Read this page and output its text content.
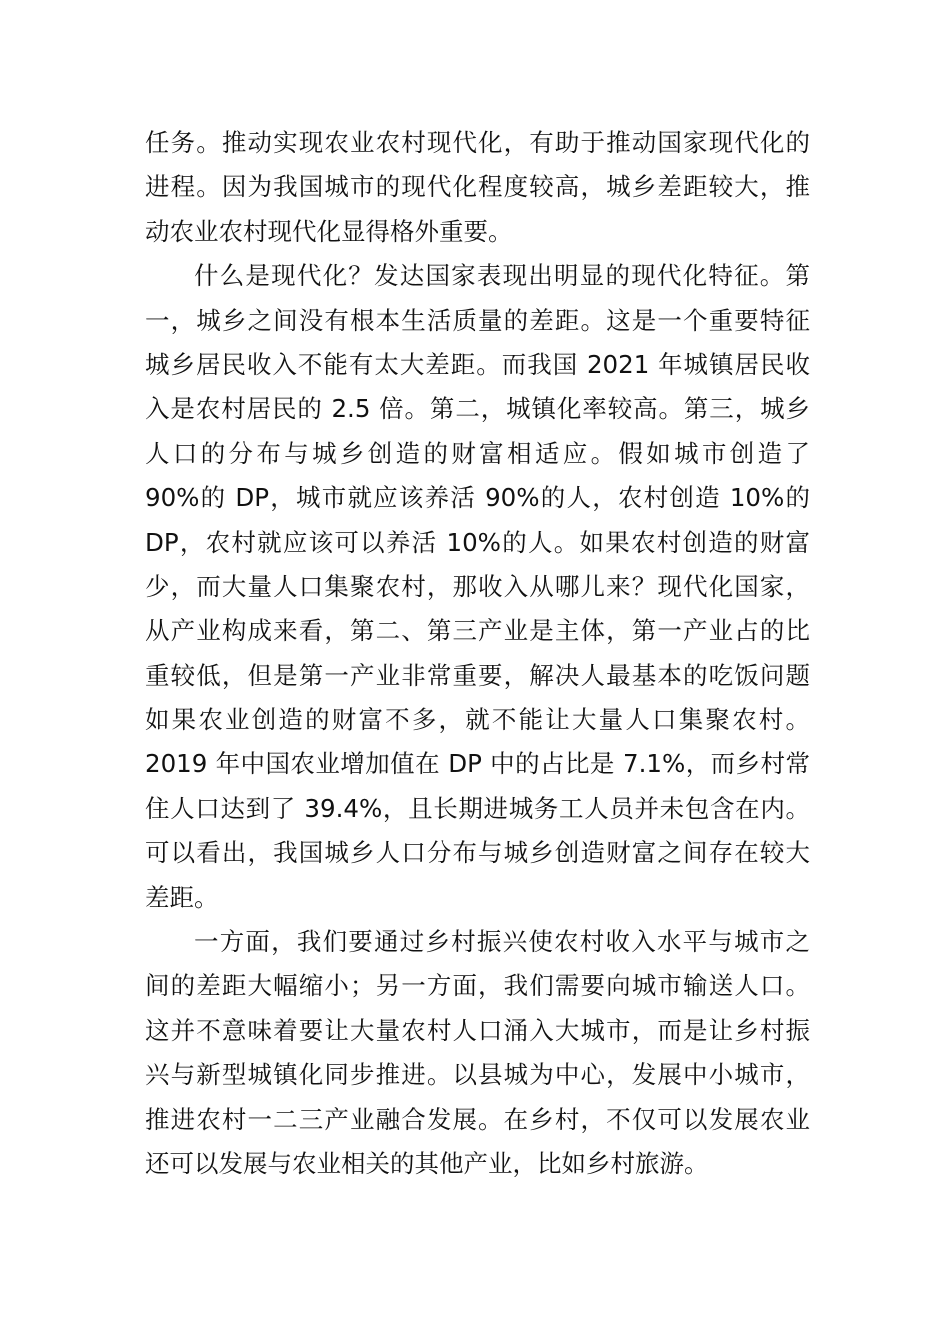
任务。推动实现农业农村现代化，有助于推动国家现代化的
进程。因为我国城市的现代化程度较高，城乡差距较大，推
动农业农村现代化显得格外重要。
什么是现代化？发达国家表现出明显的现代化特征。第
一，城乡之间没有根本生活质量的差距。这是一个重要特征
城乡居民收入不能有太大差距。而我国 2021 年城镇居民收
入是农村居民的 2.5 倍。第二，城镇化率较高。第三，城乡
人口的分布与城乡创造的财富相适应。假如城市创造了
90%的 DP，城市就应该养活 90%的人，农村创造 10%的
DP，农村就应该可以养活 10%的人。如果农村创造的财富
少，而大量人口集聚农村，那收入从哪儿来？现代化国家，
从产业构成来看，第二、第三产业是主体，第一产业占的比
重较低，但是第一产业非常重要，解决人最基本的吃饭问题
如果农业创造的财富不多，就不能让大量人口集聚农村。
2019 年中国农业增加值在 DP 中的占比是 7.1%，而乡村常
住人口达到了 39.4%，且长期进城务工人员并未包含在内。
可以看出，我国城乡人口分布与城乡创造财富之间存在较大
差距。
一方面，我们要通过乡村振兴使农村收入水平与城市之
间的差距大幅缩小；另一方面，我们需要向城市输送人口。
这并不意味着要让大量农村人口涌入大城市，而是让乡村振
兴与新型城镇化同步推进。以县城为中心，发展中小城市，
推进农村一二三产业融合发展。在乡村，不仅可以发展农业
还可以发展与农业相关的其他产业，比如乡村旅游。
